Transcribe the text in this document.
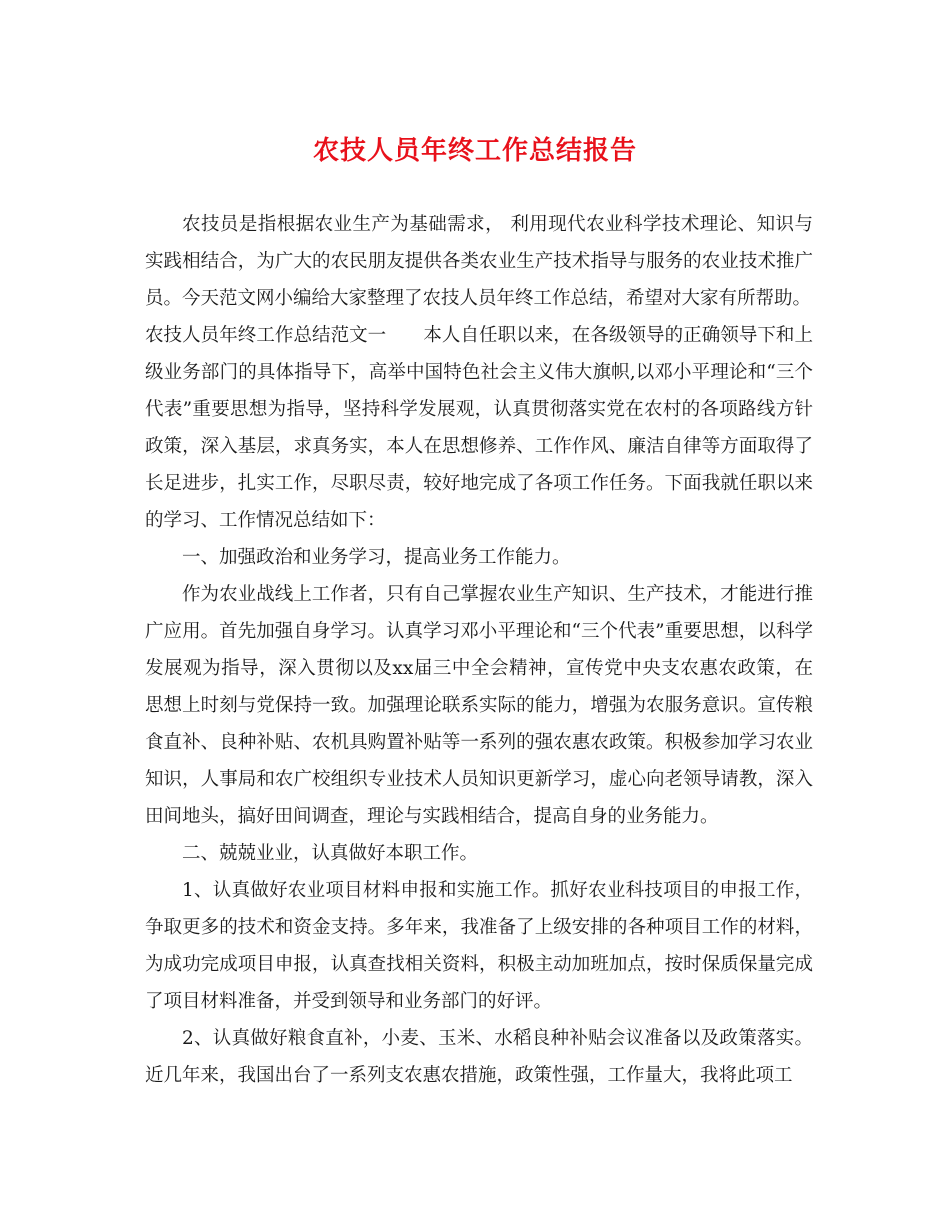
农技人员年终工作总结报告

农技员是指根据农业生产为基础需求， 利用现代农业科学技术理论、知识与实践相结合，为广大的农民朋友提供各类农业生产技术指导与服务的农业技术推广员。今天范文网小编给大家整理了农技人员年终工作总结，希望对大家有所帮助。

农技人员年终工作总结范文一　　本人自任职以来，在各级领导的正确领导下和上级业务部门的具体指导下，高举中国特色社会主义伟大旗帜,以邓小平理论和“三个代表”重要思想为指导，坚持科学发展观，认真贯彻落实党在农村的各项路线方针政策，深入基层，求真务实，本人在思想修养、工作作风、廉洁自律等方面取得了长足进步，扎实工作，尽职尽责，较好地完成了各项工作任务。下面我就任职以来的学习、工作情况总结如下：

一、加强政治和业务学习，提高业务工作能力。

作为农业战线上工作者，只有自己掌握农业生产知识、生产技术，才能进行推广应用。首先加强自身学习。认真学习邓小平理论和“三个代表”重要思想，以科学发展观为指导，深入贯彻以及xx届三中全会精神，宣传党中央支农惠农政策，在思想上时刻与党保持一致。加强理论联系实际的能力，增强为农服务意识。宣传粮食直补、良种补贴、农机具购置补贴等一系列的强农惠农政策。积极参加学习农业知识，人事局和农广校组织专业技术人员知识更新学习，虚心向老领导请教，深入田间地头，搞好田间调查，理论与实践相结合，提高自身的业务能力。

二、兢兢业业，认真做好本职工作。

1、认真做好农业项目材料申报和实施工作。抓好农业科技项目的申报工作，争取更多的技术和资金支持。多年来，我准备了上级安排的各种项目工作的材料，为成功完成项目申报，认真查找相关资料，积极主动加班加点，按时保质保量完成了项目材料准备，并受到领导和业务部门的好评。

2、认真做好粮食直补，小麦、玉米、水稻良种补贴会议准备以及政策落实。近几年来，我国出台了一系列支农惠农措施，政策性强，工作量大，我将此项工
